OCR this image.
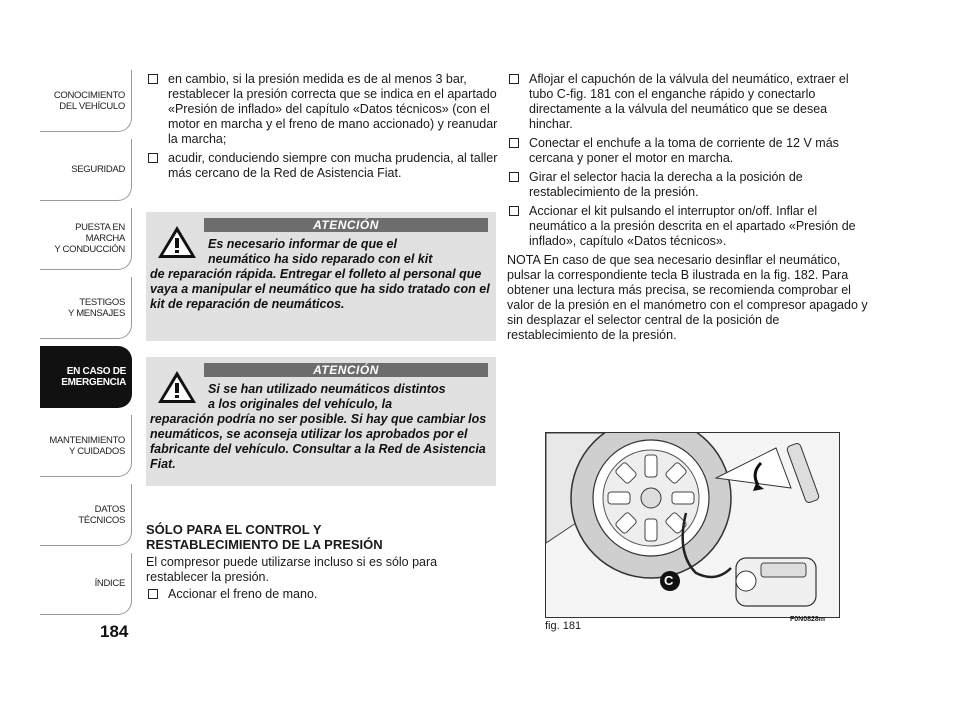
CONOCIMIENTO
DEL VEHÍCULO
SEGURIDAD
PUESTA EN
MARCHA
Y CONDUCCIÓN
TESTIGOS
Y MENSAJES
EN CASO DE
EMERGENCIA
MANTENIMIENTO
Y CUIDADOS
DATOS
TÉCNICOS
ÍNDICE
184
en cambio, si la presión medida es de al menos 3 bar, restablecer la presión correcta que se indica en el apartado «Presión de inflado» del capítulo «Datos técnicos» (con el motor en marcha y el freno de mano accionado) y reanudar la marcha;
acudir, conduciendo siempre con mucha prudencia, al taller más cercano de la Red de Asistencia Fiat.
ATENCIÓN
Es necesario informar de que el
neumático ha sido reparado con el kit
de reparación rápida. Entregar el folleto al personal que vaya a manipular el neumático que ha sido tratado con el kit de reparación de neumáticos.
ATENCIÓN
Si se han utilizado neumáticos distintos
a los originales del vehículo, la
reparación podría no ser posible. Si hay que cambiar los neumáticos, se aconseja utilizar los aprobados por el fabricante del vehículo. Consultar a la Red de Asistencia Fiat.
SÓLO PARA EL CONTROL Y
RESTABLECIMIENTO DE LA PRESIÓN

El compresor puede utilizarse incluso si es sólo para restablecer la presión.

Accionar el freno de mano.
Aflojar el capuchón de la válvula del neumático, extraer el tubo C-fig. 181 con el enganche rápido y conectarlo directamente a la válvula del neumático que se desea hinchar.
Conectar el enchufe a la toma de corriente de 12 V más cercana y poner el motor en marcha.
Girar el selector hacia la derecha a la posición de restablecimiento de la presión.
Accionar el kit pulsando el interruptor on/off. Inflar el neumático a la presión descrita en el apartado «Presión de inflado», capítulo «Datos técnicos».

NOTA En caso de que sea necesario desinflar el neumático, pulsar la correspondiente tecla B ilustrada en la fig. 182. Para obtener una lectura más precisa, se recomienda comprobar el valor de la presión en el manómetro con el compresor apagado y sin desplazar el selector central de la posición de restablecimiento de la presión.

C
fig. 181
F0N0828m
